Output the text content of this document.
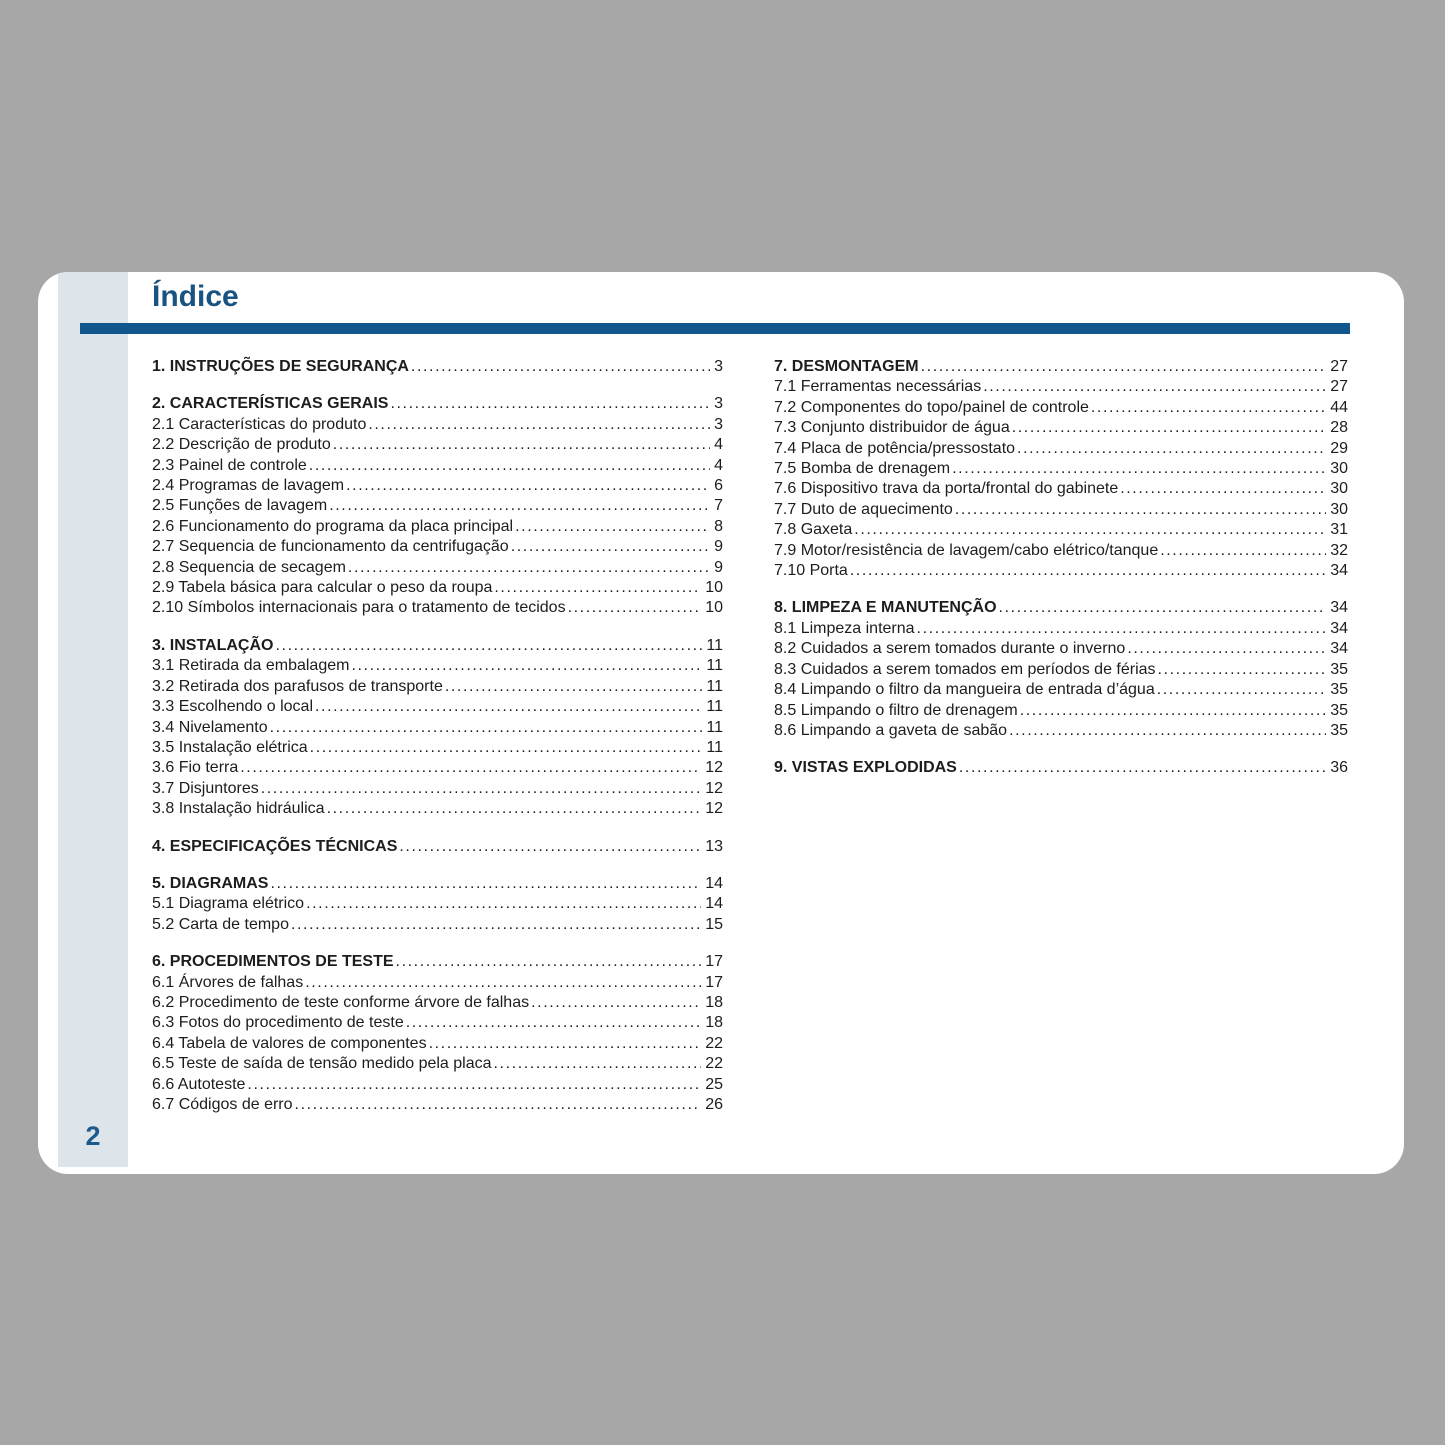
2
Índice
1. INSTRUÇÕES DE SEGURANÇA .....	3
2. CARACTERÍSTICAS GERAIS .....	3
2.1 Características do produto .....	3
2.2 Descrição de produto .....	4
2.3 Painel de controle .....	4
2.4 Programas de lavagem .....	6
2.5 Funções de lavagem .....	7
2.6 Funcionamento do programa da placa principal .....	8
2.7 Sequencia de funcionamento da centrifugação .....	9
2.8 Sequencia de secagem .....	9
2.9 Tabela básica para calcular o peso da roupa .....	10
2.10 Símbolos internacionais para o tratamento de tecidos .....	10
3. INSTALAÇÃO .....	11
3.1 Retirada da embalagem .....	11
3.2 Retirada dos parafusos de transporte .....	11
3.3 Escolhendo o local .....	11
3.4 Nivelamento .....	11
3.5 Instalação elétrica .....	11
3.6 Fio terra .....	12
3.7 Disjuntores .....	12
3.8 Instalação hidráulica .....	12
4. ESPECIFICAÇÕES TÉCNICAS .....	13
5. DIAGRAMAS .....	14
5.1 Diagrama elétrico .....	14
5.2 Carta de tempo .....	15
6. PROCEDIMENTOS DE TESTE .....	17
6.1 Árvores de falhas .....	17
6.2 Procedimento de teste conforme árvore de falhas .....	18
6.3 Fotos do procedimento de teste .....	18
6.4 Tabela de valores de componentes .....	22
6.5 Teste de saída de tensão medido pela placa .....	22
6.6 Autoteste .....	25
6.7 Códigos de erro .....	26
7. DESMONTAGEM .....	27
7.1 Ferramentas necessárias .....	27
7.2 Componentes do topo/painel de controle .....	44
7.3 Conjunto distribuidor de água .....	28
7.4 Placa de potência/pressostato .....	29
7.5 Bomba de drenagem .....	30
7.6 Dispositivo trava da porta/frontal do gabinete .....	30
7.7 Duto de aquecimento .....	30
7.8 Gaxeta .....	31
7.9 Motor/resistência de lavagem/cabo elétrico/tanque .....	32
7.10 Porta .....	34
8. LIMPEZA E MANUTENÇÃO .....	34
8.1 Limpeza interna .....	34
8.2 Cuidados a serem tomados durante o inverno .....	34
8.3 Cuidados a serem tomados em períodos de férias .....	35
8.4 Limpando o filtro da mangueira de entrada d’água .....	35
8.5 Limpando o filtro de drenagem .....	35
8.6 Limpando a gaveta de sabão .....	35
9. VISTAS EXPLODIDAS .....	36
